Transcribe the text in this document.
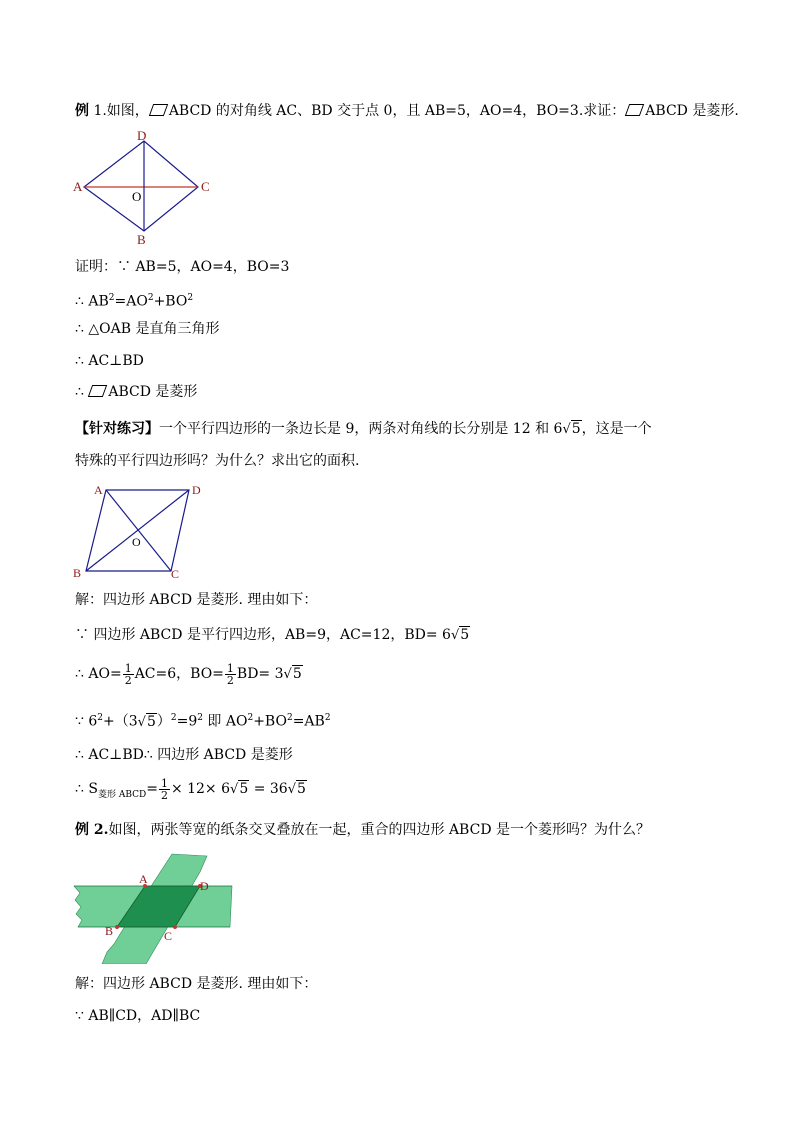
例 1.如图， ABCD 的对角线 AC、BD 交于点 0，且 AB=5，AO=4，BO=3.求证： ABCD 是菱形.
D
A	C
B
O
证明：∵ AB=5，AO=4，BO=3
∴ $AB^2=AO^2+BO^2$
∴ △OAB 是直角三角形
∴ AC⊥BD
∴ ABCD 是菱形
【针对练习】一个平行四边形的一条边长是 9，两条对角线的长分别是 12 和 6√5，这是一个
特殊的平行四边形吗？为什么？求出它的面积.
A	D
B	C
O
解：四边形 ABCD 是菱形. 理由如下：
∵ 四边形 ABCD 是平行四边形，AB=9，AC=12，BD= 6√5
∴ $AO= \frac{1}{2} AC=6$，$BO= \frac{1}{2} BD= 3√5$
∵ $6^2+(3√5)^2=9^2$ 即 $AO^2+BO^2=AB^2$
∴ AC⊥BD∴ 四边形 ABCD 是菱形
∴ $S_{菱形 ABCD}= \frac{1}{2} \times 12\times 6√5 = 36√5$
例 2.如图，两张等宽的纸条交叉叠放在一起，重合的四边形 ABCD 是一个菱形吗？为什么？
A	D
B	C
解：四边形 ABCD 是菱形. 理由如下：
∵ AB∥CD，AD∥BC
